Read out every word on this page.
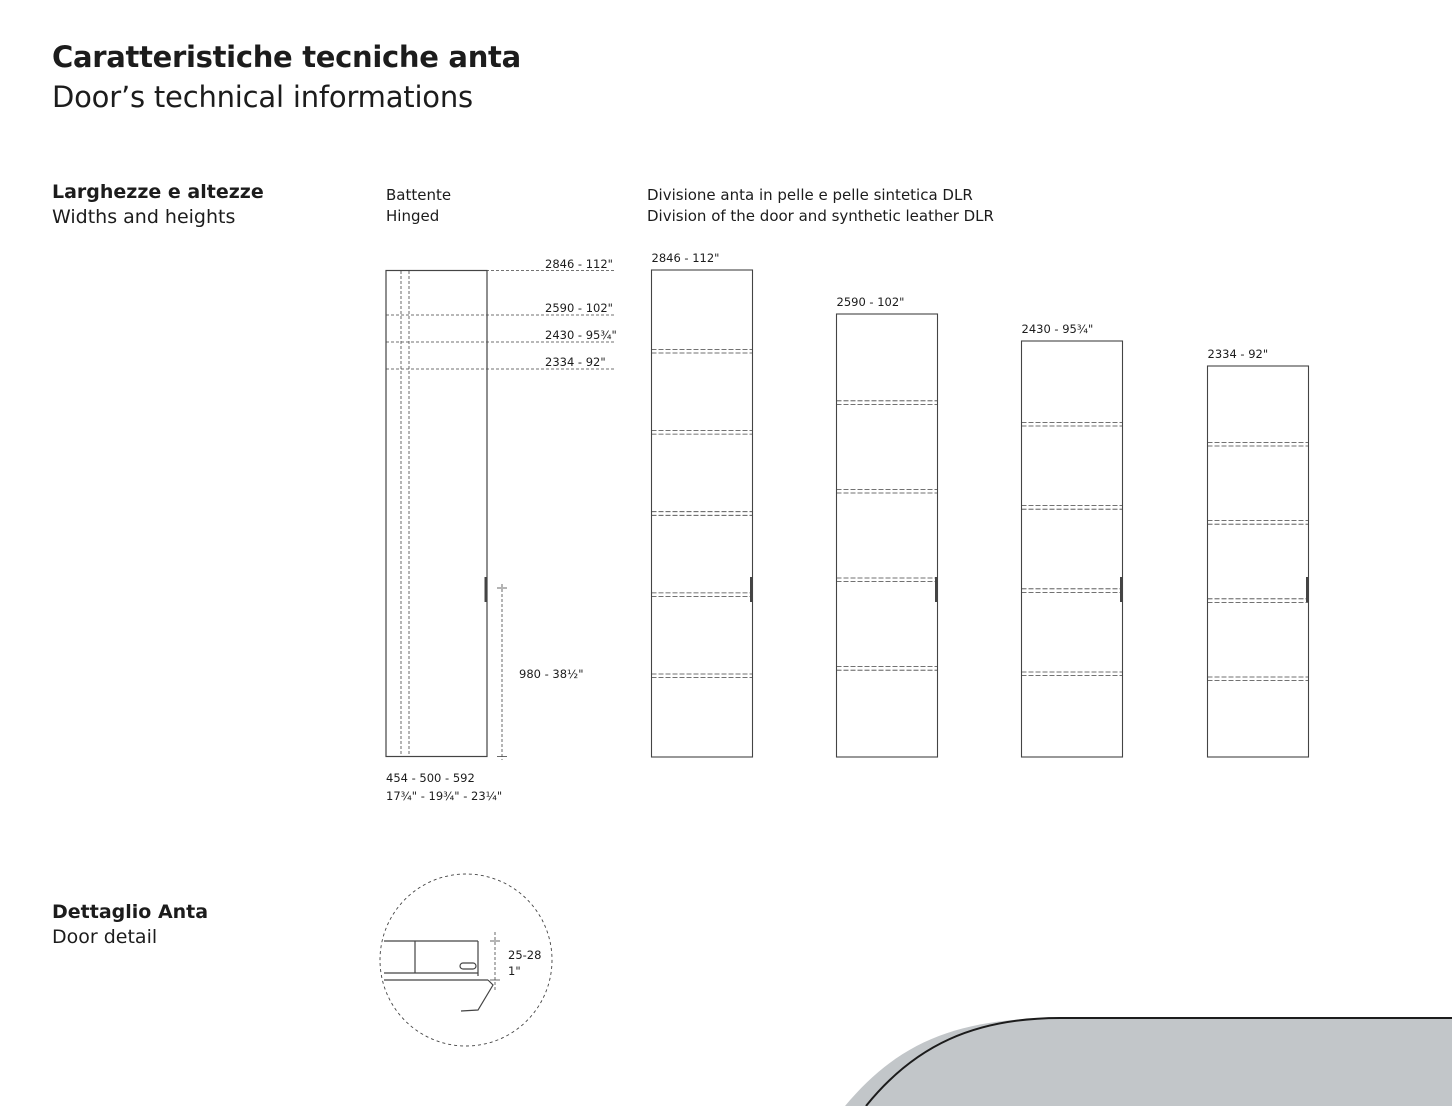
Caratteristiche tecniche anta
Door’s technical informations
Larghezze e altezze
Widths and heights
Dettaglio Anta
Door detail
Battente
Hinged
Divisione anta in pelle e pelle sintetica DLR
Division of the door and synthetic leather DLR
2846 - 112"
2590 - 102"
2430 - 95¾"
2334 - 92"
980 - 38½"
454 - 500 - 592
17¾" - 19¾" - 23¼"
2846 - 112"
2590 - 102"
2430 - 95¾"
2334 - 92"
25-28
1"
